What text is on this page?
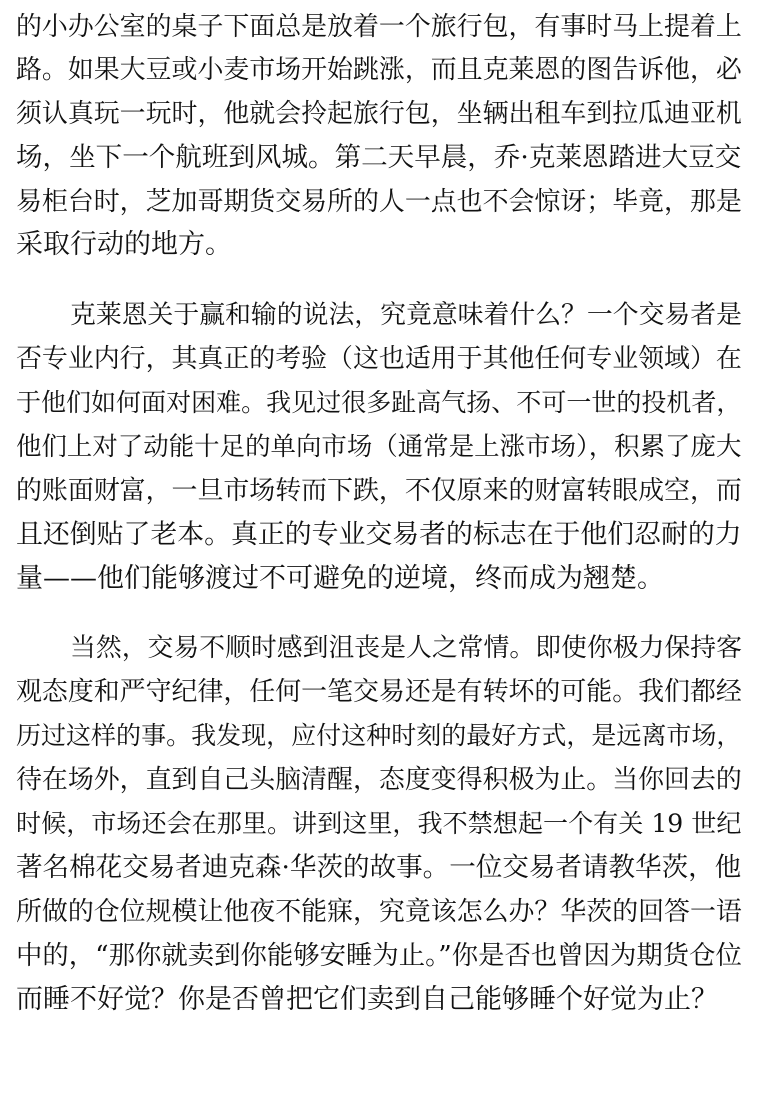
的小办公室的桌子下面总是放着一个旅行包，有事时马上提着上
路。如果大豆或小麦市场开始跳涨，而且克莱恩的图告诉他，必
须认真玩一玩时，他就会拎起旅行包，坐辆出租车到拉瓜迪亚机
场，坐下一个航班到风城。第二天早晨，乔·克莱恩踏进大豆交
易柜台时，芝加哥期货交易所的人一点也不会惊讶；毕竟，那是
采取行动的地方。
克莱恩关于赢和输的说法，究竟意味着什么？一个交易者是
否专业内行，其真正的考验（这也适用于其他任何专业领域）在
于他们如何面对困难。我见过很多趾高气扬、不可一世的投机者，
他们上对了动能十足的单向市场（通常是上涨市场），积累了庞大
的账面财富，一旦市场转而下跌，不仅原来的财富转眼成空，而
且还倒贴了老本。真正的专业交易者的标志在于他们忍耐的力
量——他们能够渡过不可避免的逆境，终而成为翘楚。
当然，交易不顺时感到沮丧是人之常情。即使你极力保持客
观态度和严守纪律，任何一笔交易还是有转坏的可能。我们都经
历过这样的事。我发现，应付这种时刻的最好方式，是远离市场，
待在场外，直到自己头脑清醒，态度变得积极为止。当你回去的
时候，市场还会在那里。讲到这里，我不禁想起一个有关 19 世纪
著名棉花交易者迪克森·华茨的故事。一位交易者请教华茨，他
所做的仓位规模让他夜不能寐，究竟该怎么办？华茨的回答一语
中的，“那你就卖到你能够安睡为止。”你是否也曾因为期货仓位
而睡不好觉？你是否曾把它们卖到自己能够睡个好觉为止？
